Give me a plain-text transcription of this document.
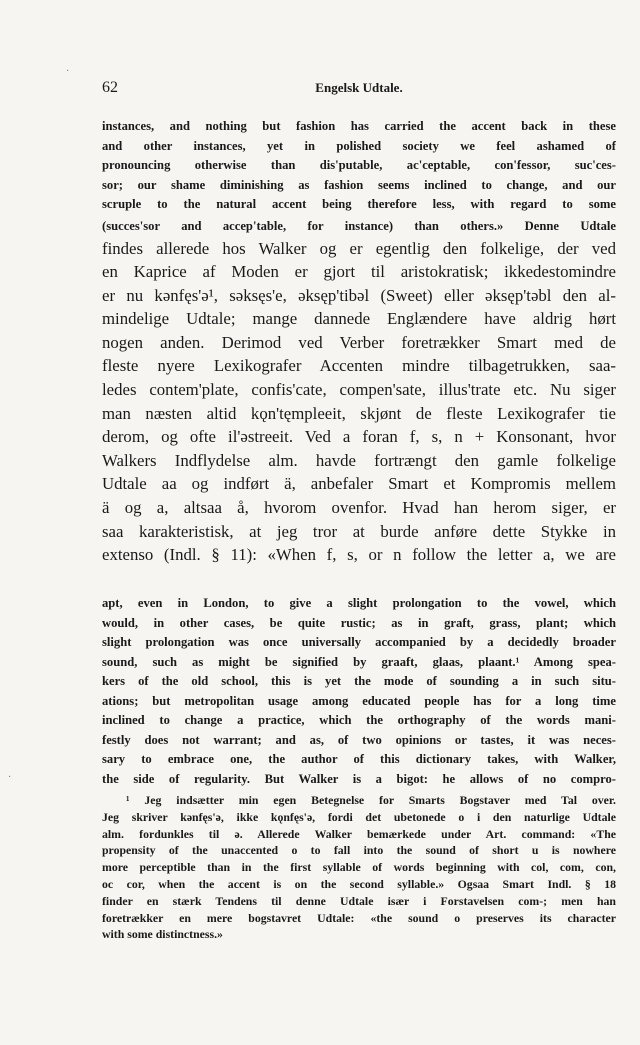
·
·
62	Engelsk Udtale.

instances, and nothing but fashion has carried the accent back in these

and other instances, yet in polished society we feel ashamed of

pronouncing otherwise than dis'putable, ac'ceptable, con'fessor, suc'ces-

sor; our shame diminishing as fashion seems inclined to change, and our

scruple to the natural accent being therefore less, with regard to some

(succes'sor and accep'table, for instance) than others.» Denne Udtale

findes allerede hos Walker og er egentlig den folkelige, der ved

en Kaprice af Moden er gjort til aristokratisk; ikkedestomindre

er nu kənfęs'ə¹, səksęs'e, əksęp'tibəl (Sweet) eller əksęp'təbl den al-

mindelige Udtale; mange dannede Englændere have aldrig hørt

nogen anden. Derimod ved Verber foretrækker Smart med de

fleste nyere Lexikografer Accenten mindre tilbagetrukken, saa-

ledes contem'plate, confis'cate, compen'sate, illus'trate etc. Nu siger

man næsten altid kǫn'tęmpleeit, skjønt de fleste Lexikografer tie

derom, og ofte il'əstreeit. Ved a foran f, s, n + Konsonant, hvor

Walkers Indflydelse alm. havde fortrængt den gamle folkelige

Udtale aa og indført ä, anbefaler Smart et Kompromis mellem

ä og a, altsaa å, hvorom ovenfor. Hvad han herom siger, er

saa karakteristisk, at jeg tror at burde anføre dette Stykke in

extenso (Indl. § 11): «When f, s, or n follow the letter a, we are

apt, even in London, to give a slight prolongation to the vowel, which

would, in other cases, be quite rustic; as in graft, grass, plant; which

slight prolongation was once universally accompanied by a decidedly broader

sound, such as might be signified by graaft, glaas, plaant.¹ Among spea-

kers of the old school, this is yet the mode of sounding a in such situ-

ations; but metropolitan usage among educated people has for a long time

inclined to change a practice, which the orthography of the words mani-

festly does not warrant; and as, of two opinions or tastes, it was neces-

sary to embrace one, the author of this dictionary takes, with Walker,

the side of regularity. But Walker is a bigot: he allows of no compro-

¹ Jeg indsætter min egen Betegnelse for Smarts Bogstaver med Tal over.

Jeg skriver kənfęs'ə, ikke kǫnfęs'ə, fordi det ubetonede o i den naturlige Udtale

alm. fordunkles til ə. Allerede Walker bemærkede under Art. command: «The

propensity of the unaccented o to fall into the sound of short u is nowhere

more perceptible than in the first syllable of words beginning with col, com, con,

oc cor, when the accent is on the second syllable.» Ogsaa Smart Indl. § 18

finder en stærk Tendens til denne Udtale især i Forstavelsen com-; men han

foretrækker en mere bogstavret Udtale: «the sound o preserves its character

with some distinctness.»
